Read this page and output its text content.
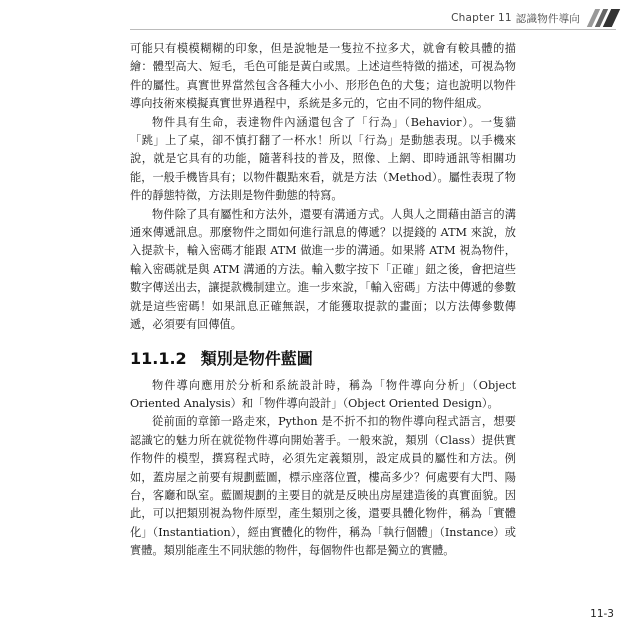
Chapter 11 認識物件導向

可能只有模模糊糊的印象，但是說牠是一隻拉不拉多犬，就會有較具體的描繪：體型高大、短毛，毛色可能是黃白或黑。上述這些特徵的描述，可視為物件的屬性。真實世界當然包含各種大小小、形形色色的犬隻；這也說明以物件導向技術來模擬真實世界過程中，系統是多元的，它由不同的物件組成。

物件具有生命，表達物件內涵還包含了「行為」（Behavior）。一隻貓「跳」上了桌，卻不慎打翻了一杯水！所以「行為」是動態表現。以手機來說，就是它具有的功能，隨著科技的普及，照像、上網、即時通訊等相關功能，一般手機皆具有；以物件觀點來看，就是方法（Method）。屬性表現了物件的靜態特徵，方法則是物件動態的特寫。

物件除了具有屬性和方法外，還要有溝通方式。人與人之間藉由語言的溝通來傳遞訊息。那麼物件之間如何進行訊息的傳遞？以提錢的 ATM 來說，放入提款卡，輸入密碼才能跟 ATM 做進一步的溝通。如果將 ATM 視為物件，輸入密碼就是與 ATM 溝通的方法。輸入數字按下「正確」鈕之後，會把這些數字傳送出去，讓提款機制建立。進一步來說，「輸入密碼」方法中傳遞的參數就是這些密碼！如果訊息正確無誤，才能獲取提款的畫面；以方法傳參數傳遞，必須要有回傳值。

11.1.2 類別是物件藍圖

物件導向應用於分析和系統設計時，稱為「物件導向分析」（Object Oriented Analysis）和「物件導向設計」（Object Oriented Design）。

從前面的章節一路走來，Python 是不折不扣的物件導向程式語言，想要認識它的魅力所在就從物件導向開始著手。一般來說，類別（Class）提供實作物件的模型，撰寫程式時，必須先定義類別，設定成員的屬性和方法。例如，蓋房屋之前要有規劃藍圖，標示座落位置，樓高多少？何處要有大門、陽台，客廳和臥室。藍圖規劃的主要目的就是反映出房屋建造後的真實面貌。因此，可以把類別視為物件原型，產生類別之後，還要具體化物件，稱為「實體化」（Instantiation），經由實體化的物件，稱為「執行個體」（Instance）或實體。類別能產生不同狀態的物件，每個物件也都是獨立的實體。

11-3
